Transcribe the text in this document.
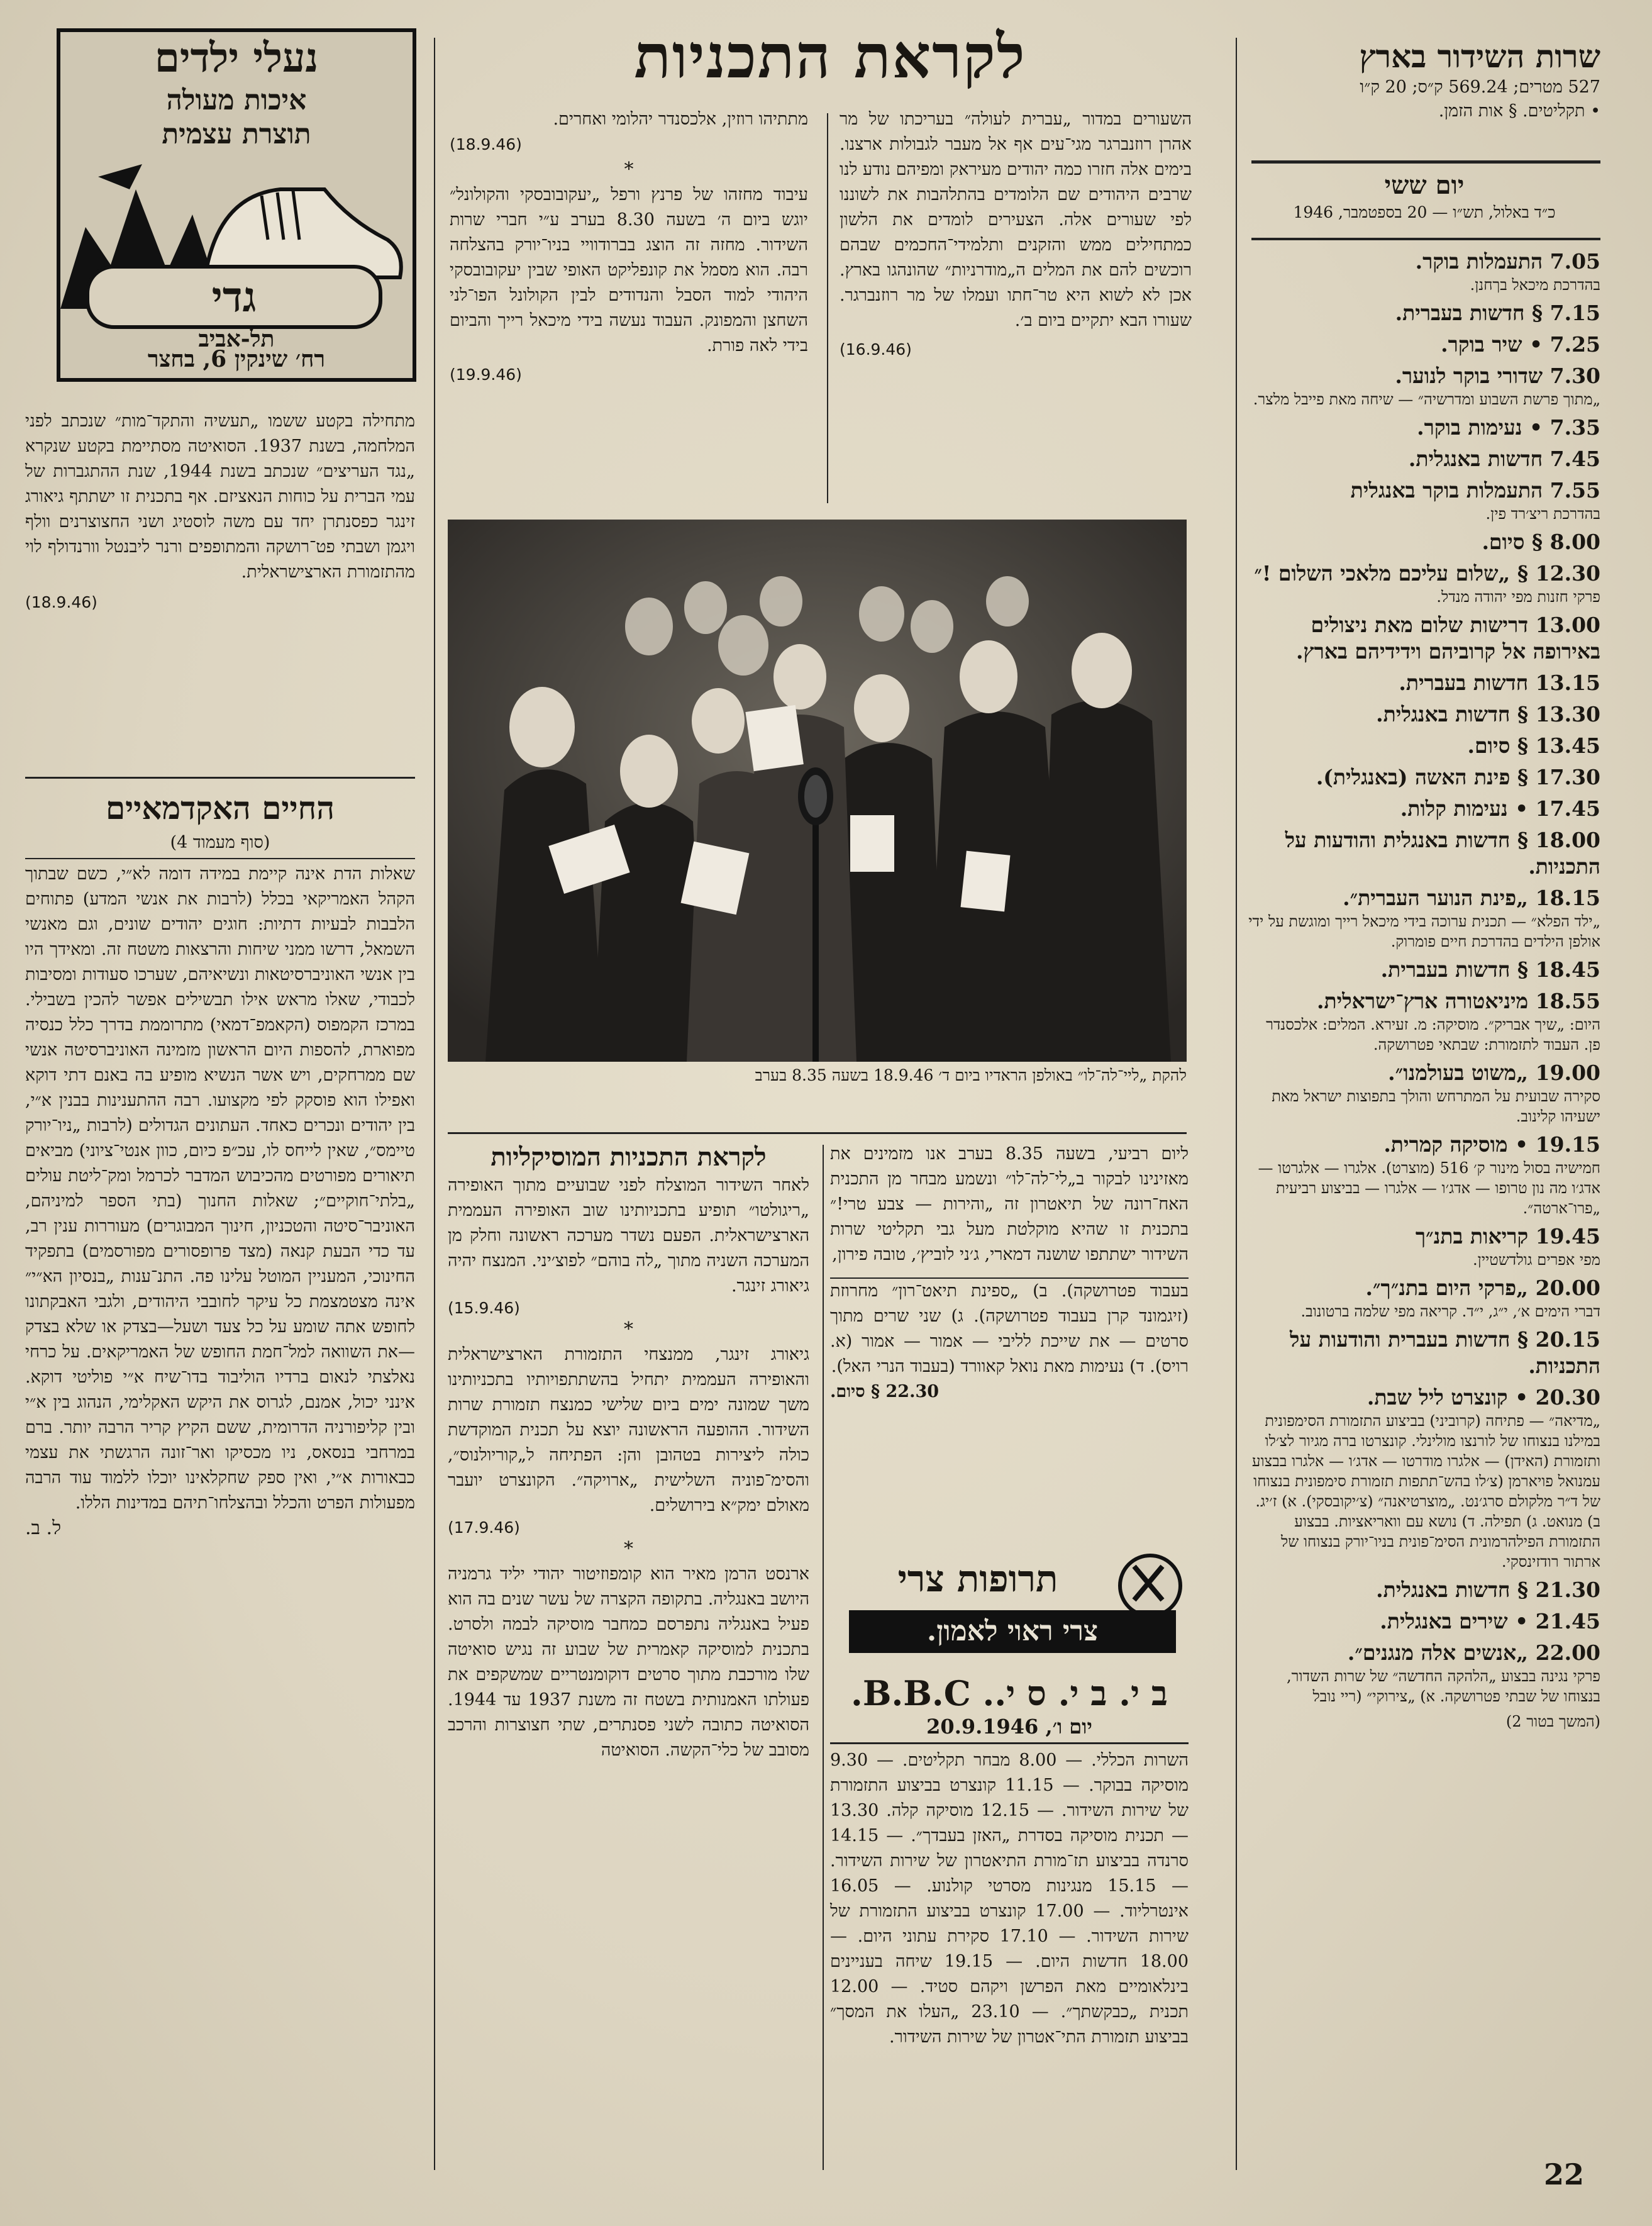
שרות השידור בארץ
527 מטרים; 569.24 ק״ס; 20 ק״ו
• תקליטים. § אות הזמן.
יום ששי
כ״ד באלול, תש״ו — 20 בספטמבר, 1946
7.05 התעמלות בוקר.
בהדרכת מיכאל בךחנן.
7.15 § חדשות בעברית.
7.25 • שיר בוקר.
7.30 שדורי בוקר לנוער.
„מתוך פרשת השבוע ומדרשיה״ — שיחה מאת פייבל מלצר.
7.35 • נעימות בוקר.
7.45 חדשות באנגלית.
7.55 התעמלות בוקר באנגלית
בהדרכת ריצ׳רד פין.
8.00 § סיום.
12.30 § „שלום עליכם מלאכי השלום !״
פרקי חזנות מפי יהודה מנדל.
13.00 דרישות שלום מאת ניצולים באירופה אל קרוביהם וידידיהם בארץ.
13.15 חדשות בעברית.
13.30 § חדשות באנגלית.
13.45 § סיום.
17.30 § פינת האשה (באנגלית).
17.45 • נעימות קלות.
18.00 § חדשות באנגלית והודעות על התכניות.
18.15 „פינת הנוער העברית״.
„ילד הפלא״ — תכנית ערוכה בידי מיכאל רייך ומוגשת על ידי אולפן הילדים בהדרכת חיים פומרוק.
18.45 § חדשות בעברית.
18.55 מיניאטורה ארץ־ישראלית.
היום: „שיך אבריק״. מוסיקה: מ. זעירא. המלים: אלכסנדר פן. העבוד לתזמורת: שבתאי פטרושקה.
19.00 „משוט בעולמנו״.
סקירה שבועית על המתרחש והולך בתפוצות ישראל מאת ישעיהו קלינוב.
19.15 • מוסיקה קמרית.
חמישיה בסול מינור ק׳ 516 (מוצרט). אלגרו — אלגרטו — אדג׳ו מה נון טרופו — אדג׳ו — אלגרו — בביצוע רביעית „פרו־ארטה״.
19.45 קריאות בתנ״ך
מפי אפרים גולדשטיין.
20.00 „פרקי היום בתנ״ך״.
דברי הימים א׳, י״ג, י״ד. קריאה מפי שלמה ברטונוב.
20.15 § חדשות בעברית והודעות על התכניות.
20.30 • קונצרט ליל שבת.
„מדיאה״ — פתיחה (קרוביני) בביצוע התזמורת הסימפונית במילנו בנצוחו של לורנצו מולינלי. קונצרטו ברה מגיור לצ׳לו ותזמורת (האידן) — אלגרו מודרטו — אדג׳ו — אלגרו בבצוע עמנואל פויארמן (צ׳לו בהש־תתפות תזמורת סימפונית בנצוחו של ד״ר מלקולם סרג׳נט. „מוצרטיאנה״ (צ׳יקובסקי). א) ז׳יג. ב) מנואט. ג) תפילה. ד) נושא עם וואריאציות. בבצוע התזמורת הפילהרמונית הסימ־פונית בניו־יורק בנצוחו של ארתור רודזינסקי.
21.30 § חדשות באנגלית.
21.45 • שירים באנגלית.
22.00 „אנשים אלה מנגנים״.
פרקי נגינה בבצוע „הלהקה החדשה״ של שרות השדור, בנצוחו של שבתי פטרושקה. א) „צירוקי״ (ריי נובל
(המשך בטור 2)
לקראת התכניות
השעורים במדור „עברית לעולה״ בעריכתו של מר אהרן רוזנברגר מגי־עים אף אל מעבר לגבולות ארצנו. בימים אלה חזרו כמה יהודים מעיראק ומפיהם נודע לנו שרבים היהודים שם הלומדים בהתלהבות את לשוננו לפי שעורים אלה. הצעירים לומדים את הלשון כמתחילים ממש והזקנים ותלמידי־החכמים שבהם רוכשים להם את המלים ה„מודרניות״ שהונהגו בארץ. אכן לא לשוא היא טר־חתו ועמלו של מר רוזנברגר. שעורו הבא יתקיים ביום ב׳.
(16.9.46)
מתתיהו רוזין, אלכסנדר יהלומי ואחרים.
(18.9.46)
*
עיבוד מחזהו של פרנץ ורפל „יעקובובסקי והקולונל״ יוגש ביום ה׳ בשעה 8.30 בערב ע״י חברי שרות השידור. מחזה זה הוצג בברודוויי בניו־יורק בהצלחה רבה. הוא מסמל את קונפליקט האופי שבין יעקובובסקי היהודי למוד הסבל והנדודים לבין הקולונל הפו־לני השחצן והמפונק. העבוד נעשה בידי מיכאל רייך והביום בידי לאה פורת.
(19.9.46)
להקת „ליי־לה־לו״ באולפן הראדיו ביום ד׳ 18.9.46 בשעה 8.35 בערב
ליום רביעי, בשעה 8.35 בערב אנו מזמינים את מאזינינו לבקור ב„לי־לה־לו״ ונשמע מבחר מן התכנית האח־רונה של תיאטרון זה „והירות — צבע טרי!״ בתכנית זו שהיא מוקלטת מעל גבי תקליטי שרות השידור ישתתפו שושנה דמארי, ג׳ני לוביץ׳, טובה פירון,
בעבוד פטרושקה). ב) „ספינת תיאט־רון״ מחרוזת (זיגמונד קרן בעבוד פטרושקה). ג) שני שרים מתוך סרטים — את שייכת לליבי — אמור — אמור (א. רויס). ד) נעימות מאת נואל קאוורד (בעבוד הנרי האל).
22.30 § סיום.
תרופות צרי
צרי ראוי לאמון.
ב י. ב י. ס י.. B.B.C.
יום ו׳, 20.9.1946
השרות הכללי. — 8.00 מבחר תקליטים. — 9.30 מוסיקה בבוקר. — 11.15 קונצרט בביצוע התזמורת של שירות השידור. — 12.15 מוסיקה קלה. 13.30 — תכנית מוסיקה בסדרת „האזן בעבדך״. — 14.15 סרנדה בביצוע תז־מורת התיאטרון של שירות השידור. — 15.15 מנגינות מסרטי קולנוע. — 16.05 אינטרליוד. — 17.00 קונצרט בביצוע התזמורת של שירות השידור. — 17.10 סקירת עתוני היום. — 18.00 חדשות היום. — 19.15 שיחה בעניינים בינלאומיים מאת הפרשן ויקהם סטיד. — 12.00 תכנית „כבקשתך״. — 23.10 „העלו את המסך״ בביצוע תזמורת התי־אטרון של שירות השידור.
לקראת התכניות המוסיקליות
לאחר השידור המוצלח לפני שבועיים מתוך האופירה „ריגולטו״ תופיע בתכניותינו שוב האופירה העממית הארצישראלית. הפעם נשדר מערכה ראשונה וחלק מן המערכה השניה מתוך „לה בוהם״ לפוצ׳יני. המנצח יהיה גיאורג זינגר.
(15.9.46)
*
גיאורג זינגר, ממנצחי התזמורת הארצישראלית והאופירה העממית יתחיל בהשתתפויותיו בתכניותינו משך שמונה ימים ביום שלישי כמנצח תזמורת שרות השידור. ההופעה הראשונה יוצא על תכנית המוקדשת כולה ליצירות בטהובן והן: הפתיחה ל„קוריולנוס״, והסימ־פוניה השלישית „ארויקה״. הקונצרט יועבר מאולם ימק״א בירושלים.
(17.9.46)
*
ארנסט הרמן מאיר הוא קומפוזיטור יהודי יליד גרמניה היושב באנגליה. בתקופה הקצרה של עשר שנים בה הוא פעיל באנגליה נתפרסם כמחבר מוסיקה לבמה ולסרט. בתכנית למוסיקה קאמרית של שבוע זה נגיש סואיטה שלו מורכבת מתוך סרטים דוקומנטריים שמשקפים את פעולתו האמנותית בשטח זה משנת 1937 עד 1944. הסואיטה כתובה לשני פסנתרים, שתי חצוצרות והרכב מסובב של כלי־הקשה. הסואיטה
נעלי ילדים
איכות מעולה
תוצרת עצמית
גדי
תל-אביב
רח׳ שינקין 6, בחצר
מתחילה בקטע ששמו „תעשיה והתקד־מות״ שנכתב לפני המלחמה, בשנת 1937. הסואיטה מסתיימת בקטע שנקרא „נגד העריצים״ שנכתב בשנת 1944, שנת ההתגברות של עמי הברית על כוחות הנאציזם. אף בתכנית זו ישתתף גיאורג זינגר כפסנתרן יחד עם משה לוסטיג ושני החצוצרנים וולף ויגמן ושבתי פט־רושקה והמתופפים ורנר ליבנטל וורנדולף לוי מהתזמורת הארצישראלית.
(18.9.46)
החיים האקדמאיים
(סוף מעמוד 4)
שאלות הדת אינה קיימת במידה דומה לא״י, כשם שבתוך הקהל האמריקאי בכלל (לרבות את אנשי המדע) פתוחים הלבבות לבעיות דתיות: חוגים יהודים שונים, וגם מאנשי השמאל, דרשו ממני שיחות והרצאות משטח זה. ומאידך היו בין אנשי האוניברסיטאות ונשיאיהם, שערכו סעודות ומסיבות לכבודי, שאלו מראש אילו תבשילים אפשר להכין בשבילי. במרכז הקמפוס (הקאמפ־דמאי) מתרוממת בדרך כלל כנסיה מפוארת, להספות היום הראשון מזמינה האוניברסיטה אנשי שם ממרחקים, ויש אשר הנשיא מופיע בה באנם דתי דוקא ואפילו הוא פוסקק לפי מקצועו. רבה ההתענינות בבנין א״י, בין יהודים ונכרים כאחד. העתונים הגדולים (לרבות „ניו־יורק טיימס״, שאין לייחס לו, עכ״פ כיום, כוון אנטי־ציוני) מביאים תיאורים מפורטים מהכיבוש המדבר לכרמל ומק־ליטת עולים „בלתי־חוקיים״; שאלות החנוך (בתי הספר למיניהם, האוניבר־סיטה והטכניון, חינוך המבוגרים) מעוררות ענין רב, עד כדי הבעת קנאה (מצד פרופסורים מפורסמים) בתפקיד החינוכי, המעניין המוטל עלינו פה. התנ־ענות „בנסיון הא״י״ אינה מצטמצמת כל עיקר לחובבי היהודים, ולגבי האבקתונו לחופש אתה שומע על כל צעד ושעל—בצדק או שלא בצדק—את השוואה למל־חמת החופש של האמריקאים. על כרחי נאלצתי לנאום ברדיו הוליבוד בדו־שיח א״י פוליטי דוקא. אינני יכול, אמנם, לגרוס את היקש האקלימי, הנהוג בין א״י ובין קליפורניה הדרומית, ששם הקיץ קריר הרבה יותר. ברם במרחבי בנסאס, ניו מכסיקו ואר־זונה הרגשתי את עצמי כבאורות א״י, ואין ספק שחקלאינו יוכלו ללמוד עוד הרבה מפעולות הפרט והכלל ובהצלחו־תיהם במדינות הללו.
ל. ב.
22
